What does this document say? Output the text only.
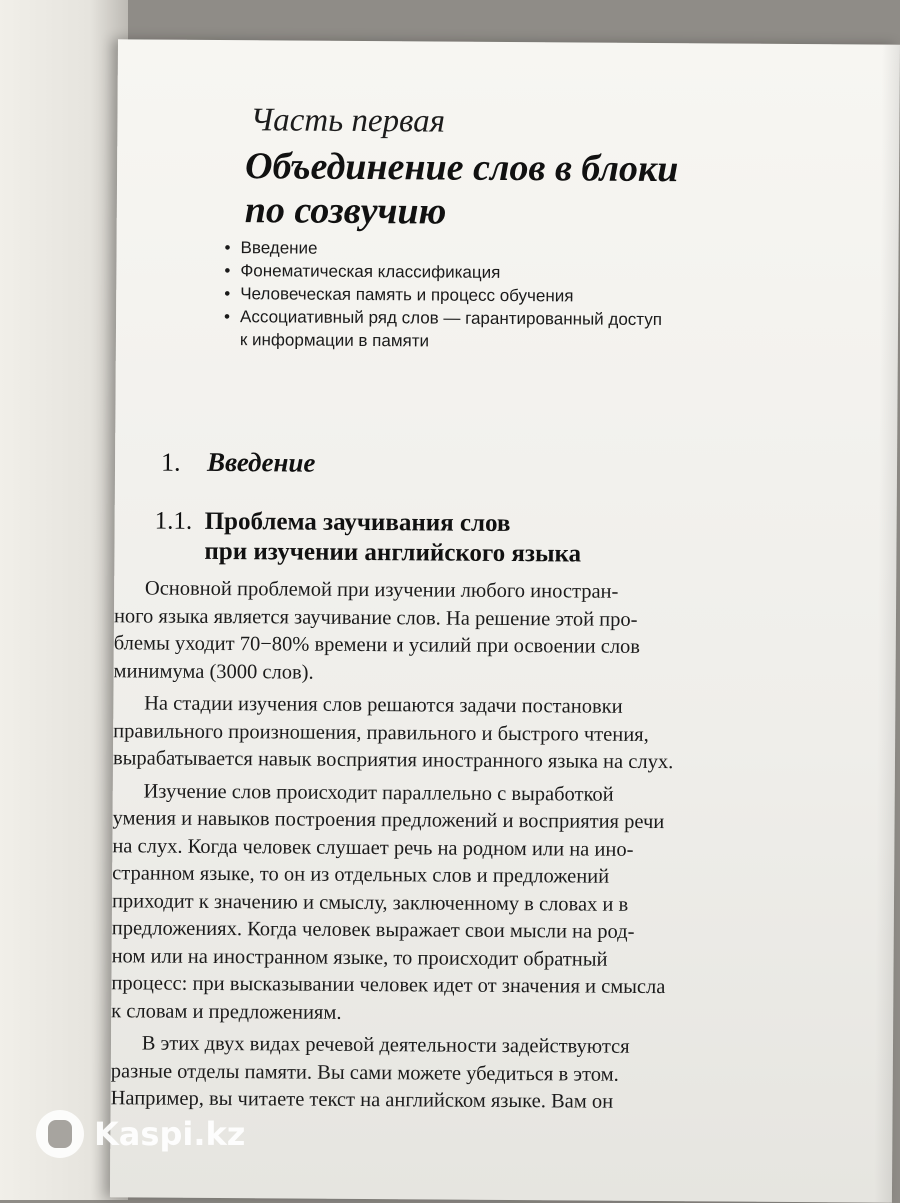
Часть первая
Объединение слов в блоки
по созвучию
• Введение
• Фонематическая классификация
• Человеческая память и процесс обучения
• Ассоциативный ряд слов — гарантированный доступ
к информации в памяти
1. Введение
1.1. Проблема заучивания слов
при изучении английского языка
Основной проблемой при изучении любого иностран-
ного языка является заучивание слов. На решение этой про-
блемы уходит 70−80% времени и усилий при освоении слов
минимума (3000 слов).
На стадии изучения слов решаются задачи постановки
правильного произношения, правильного и быстрого чтения,
вырабатывается навык восприятия иностранного языка на слух.
Изучение слов происходит параллельно с выработкой
умения и навыков построения предложений и восприятия речи
на слух. Когда человек слушает речь на родном или на ино-
странном языке, то он из отдельных слов и предложений
приходит к значению и смыслу, заключенному в словах и в
предложениях. Когда человек выражает свои мысли на род-
ном или на иностранном языке, то происходит обратный
процесс: при высказывании человек идет от значения и смысла
к словам и предложениям.
В этих двух видах речевой деятельности задействуются
разные отделы памяти. Вы сами можете убедиться в этом.
Например, вы читаете текст на английском языке. Вам он
Kaspi.kz
